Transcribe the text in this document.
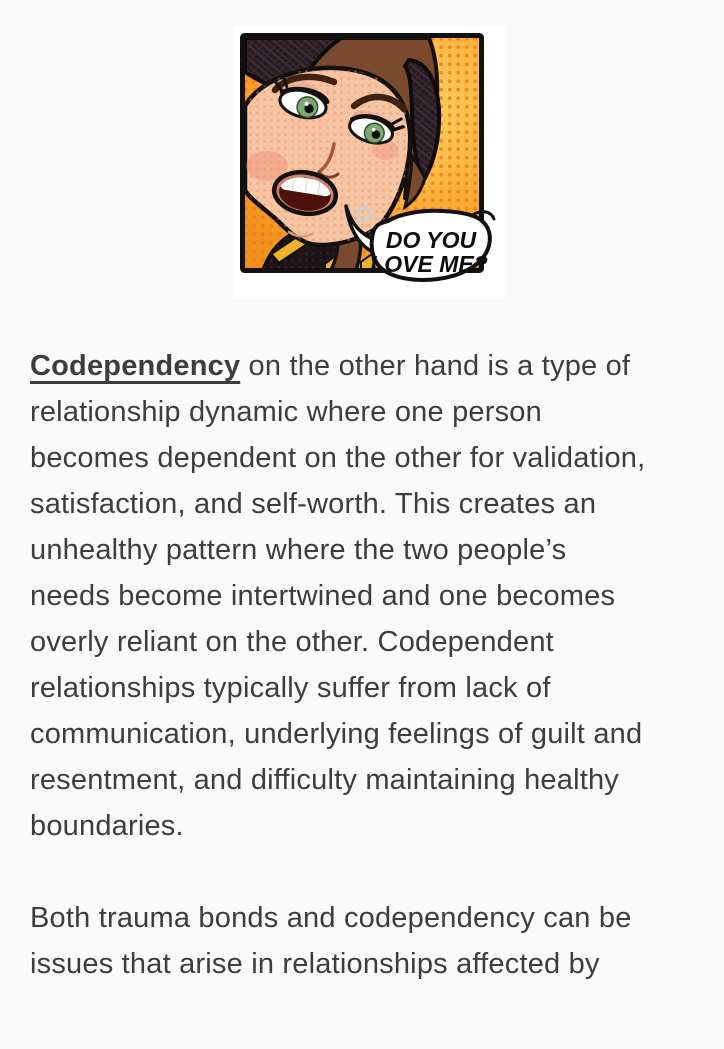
DO YOU
LOVE ME?

Codependency on the other hand is a type of
relationship dynamic where one person
becomes dependent on the other for validation,
satisfaction, and self-worth. This creates an
unhealthy pattern where the two people’s
needs become intertwined and one becomes
overly reliant on the other. Codependent
relationships typically suffer from lack of
communication, underlying feelings of guilt and
resentment, and difficulty maintaining healthy
boundaries.

Both trauma bonds and codependency can be
issues that arise in relationships affected by
